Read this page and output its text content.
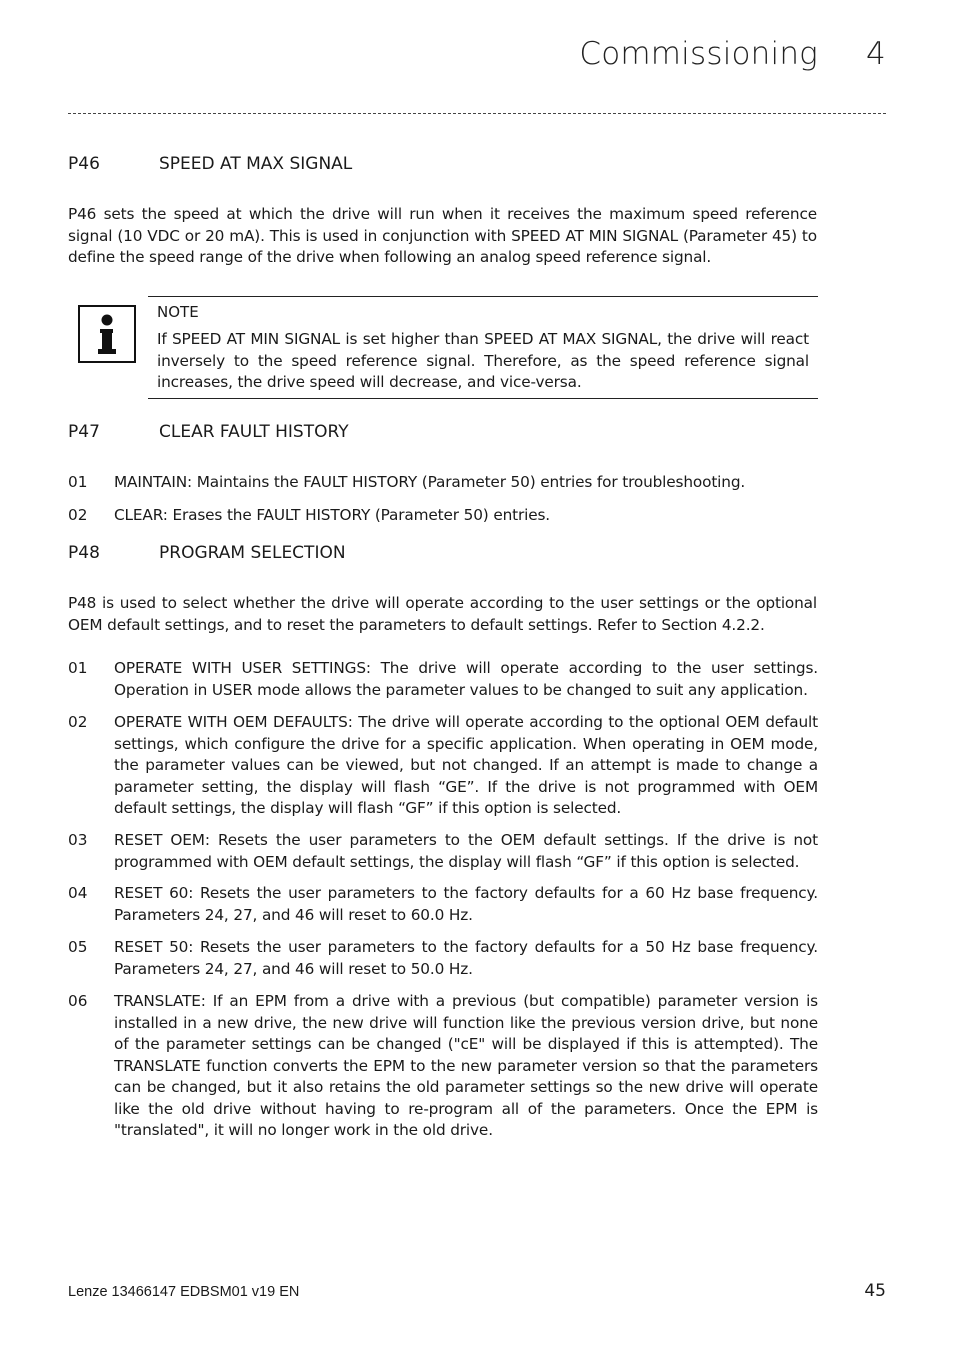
Commissioning 4
P46	SPEED AT MAX SIGNAL
P46 sets the speed at which the drive will run when it receives the maximum speed reference signal (10 VDC or 20 mA). This is used in conjunction with SPEED AT MIN SIGNAL (Parameter 45) to define the speed range of the drive when following an analog speed reference signal.
NOTE
If SPEED AT MIN SIGNAL is set higher than SPEED AT MAX SIGNAL, the drive will react inversely to the speed reference signal. Therefore, as the speed reference signal increases, the drive speed will decrease, and vice-versa.
P47	CLEAR FAULT HISTORY
01 MAINTAIN: Maintains the FAULT HISTORY (Parameter 50) entries for troubleshooting.
02 CLEAR: Erases the FAULT HISTORY (Parameter 50) entries.
P48	PROGRAM SELECTION
P48 is used to select whether the drive will operate according to the user settings or the optional OEM default settings, and to reset the parameters to default settings. Refer to Section 4.2.2.
01 OPERATE WITH USER SETTINGS: The drive will operate according to the user settings. Operation in USER mode allows the parameter values to be changed to suit any application.
02 OPERATE WITH OEM DEFAULTS: The drive will operate according to the optional OEM default settings, which configure the drive for a specific application. When operating in OEM mode, the parameter values can be viewed, but not changed. If an attempt is made to change a parameter setting, the display will flash “GE”. If the drive is not programmed with OEM default settings, the display will flash “GF” if this option is selected.
03 RESET OEM: Resets the user parameters to the OEM default settings. If the drive is not programmed with OEM default settings, the display will flash “GF” if this option is selected.
04 RESET 60: Resets the user parameters to the factory defaults for a 60 Hz base frequency. Parameters 24, 27, and 46 will reset to 60.0 Hz.
05 RESET 50: Resets the user parameters to the factory defaults for a 50 Hz base frequency. Parameters 24, 27, and 46 will reset to 50.0 Hz.
06 TRANSLATE: If an EPM from a drive with a previous (but compatible) parameter version is installed in a new drive, the new drive will function like the previous version drive, but none of the parameter settings can be changed ("cE" will be displayed if this is attempted). The TRANSLATE function converts the EPM to the new parameter version so that the parameters can be changed, but it also retains the old parameter settings so the new drive will operate like the old drive without having to re-program all of the parameters. Once the EPM is "translated", it will no longer work in the old drive.
Lenze 13466147 EDBSM01 v19 EN	45
